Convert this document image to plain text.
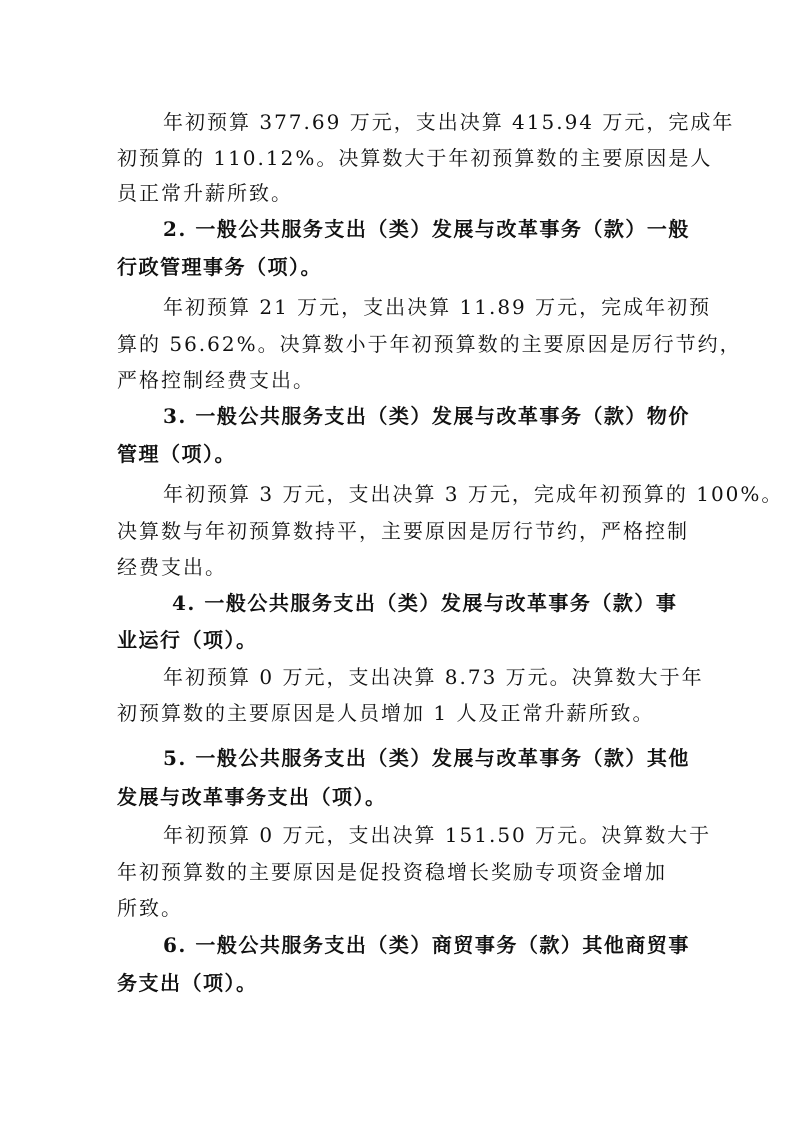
年初预算 377.69 万元，支出决算 415.94 万元，完成年
初预算的 110.12%。决算数大于年初预算数的主要原因是人
员正常升薪所致。
2. 一般公共服务支出（类）发展与改革事务（款）一般
行政管理事务（项）。
年初预算 21 万元，支出决算 11.89 万元，完成年初预
算的 56.62%。决算数小于年初预算数的主要原因是厉行节约，
严格控制经费支出。
3. 一般公共服务支出（类）发展与改革事务（款）物价
管理（项）。
年初预算 3 万元，支出决算 3 万元，完成年初预算的 100%。
决算数与年初预算数持平，主要原因是厉行节约，严格控制
经费支出。
4. 一般公共服务支出（类）发展与改革事务（款）事
业运行（项）。
年初预算 0 万元，支出决算 8.73 万元。决算数大于年
初预算数的主要原因是人员增加 1 人及正常升薪所致。
5. 一般公共服务支出（类）发展与改革事务（款）其他
发展与改革事务支出（项）。
年初预算 0 万元，支出决算 151.50 万元。决算数大于
年初预算数的主要原因是促投资稳增长奖励专项资金增加
所致。
6. 一般公共服务支出（类）商贸事务（款）其他商贸事
务支出（项）。
